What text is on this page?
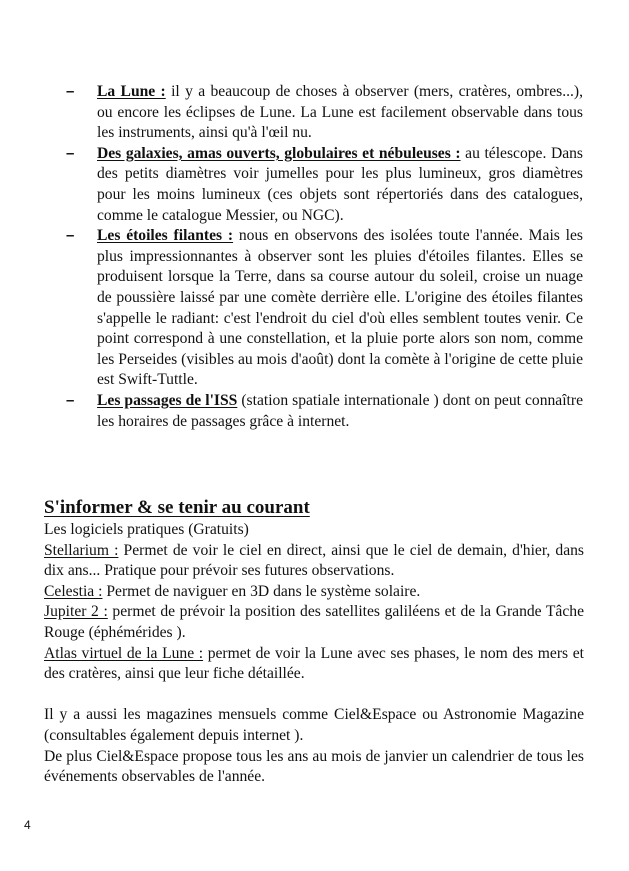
– La Lune : il y a beaucoup de choses à observer (mers, cratères, ombres...), ou encore les éclipses de Lune. La Lune est facilement observable dans tous les instruments, ainsi qu'à l'œil nu.
– Des galaxies, amas ouverts, globulaires et nébuleuses : au télescope. Dans des petits diamètres voir jumelles pour les plus lumineux, gros diamètres pour les moins lumineux (ces objets sont répertoriés dans des catalogues, comme le catalogue Messier, ou NGC).
– Les étoiles filantes : nous en observons des isolées toute l'année. Mais les plus impressionnantes à observer sont les pluies d'étoiles filantes. Elles se produisent lorsque la Terre, dans sa course autour du soleil, croise un nuage de poussière laissé par une comète derrière elle. L'origine des étoiles filantes s'appelle le radiant: c'est l'endroit du ciel d'où elles semblent toutes venir. Ce point correspond à une constellation, et la pluie porte alors son nom, comme les Perseides (visibles au mois d'août) dont la comète à l'origine de cette pluie est Swift-Tuttle.
– Les passages de l'ISS (station spatiale internationale ) dont on peut connaître les horaires de passages grâce à internet.

S'informer & se tenir au courant

Les logiciels pratiques (Gratuits)

Stellarium : Permet de voir le ciel en direct, ainsi que le ciel de demain, d'hier, dans dix ans... Pratique pour prévoir ses futures observations.

Celestia : Permet de naviguer en 3D dans le système solaire.

Jupiter 2 : permet de prévoir la position des satellites galiléens et de la Grande Tâche Rouge (éphémérides ).

Atlas virtuel de la Lune : permet de voir la Lune avec ses phases, le nom des mers et des cratères, ainsi que leur fiche détaillée.

Il y a aussi les magazines mensuels comme Ciel&Espace ou Astronomie Magazine (consultables également depuis internet ).

De plus Ciel&Espace propose tous les ans au mois de janvier un calendrier de tous les événements observables de l'année.

4
